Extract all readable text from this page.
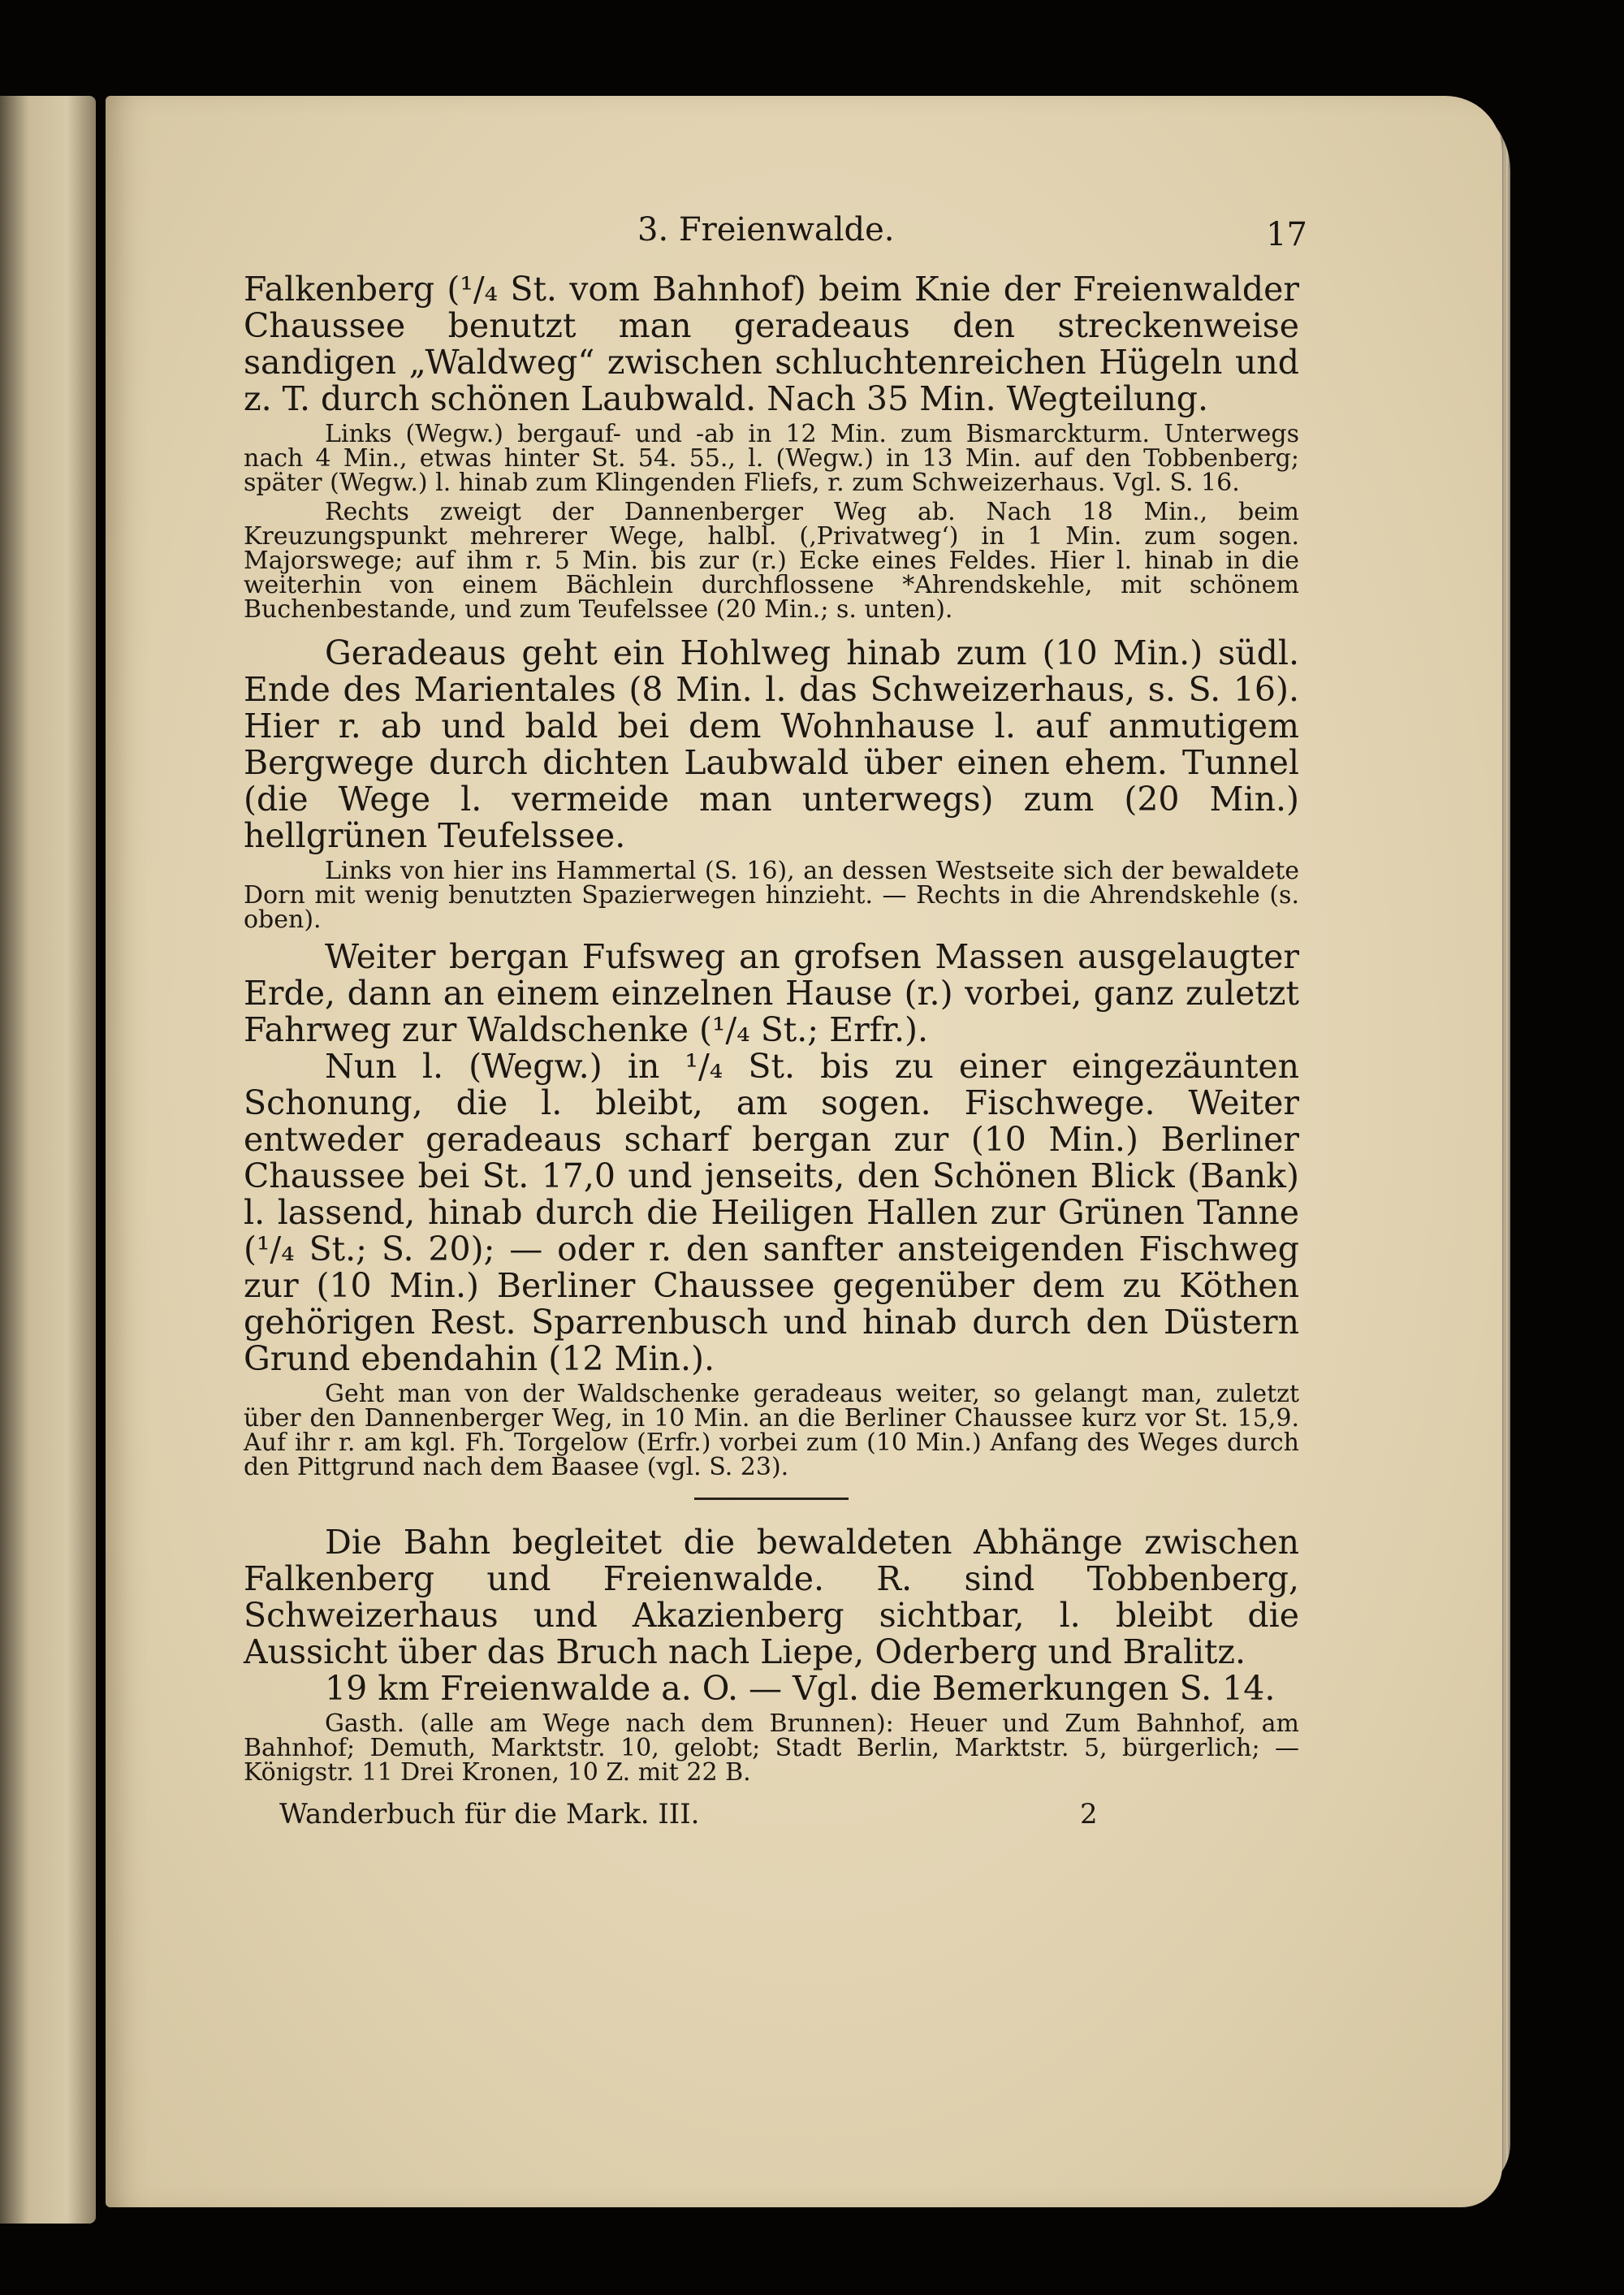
3. Freienwalde.	17

Falkenberg (¹/₄ St. vom Bahnhof) beim Knie der Freienwalder Chaussee benutzt man geradeaus den streckenweise sandigen „Waldweg“ zwischen schluchtenreichen Hügeln und z. T. durch schönen Laubwald. Nach 35 Min. Wegteilung.

Links (Wegw.) bergauf- und -ab in 12 Min. zum Bismarckturm. Unterwegs nach 4 Min., etwas hinter St. 54. 55., l. (Wegw.) in 13 Min. auf den Tobbenberg; später (Wegw.) l. hinab zum Klingenden Fliefs, r. zum Schweizerhaus. Vgl. S. 16.

Rechts zweigt der Dannenberger Weg ab. Nach 18 Min., beim Kreuzungspunkt mehrerer Wege, halbl. (‚Privatweg‘) in 1 Min. zum sogen. Majorswege; auf ihm r. 5 Min. bis zur (r.) Ecke eines Feldes. Hier l. hinab in die weiterhin von einem Bächlein durchflossene *Ahrendskehle, mit schönem Buchenbestande, und zum Teufelssee (20 Min.; s. unten).

Geradeaus geht ein Hohlweg hinab zum (10 Min.) südl. Ende des Marientales (8 Min. l. das Schweizerhaus, s. S. 16). Hier r. ab und bald bei dem Wohnhause l. auf anmutigem Bergwege durch dichten Laubwald über einen ehem. Tunnel (die Wege l. vermeide man unterwegs) zum (20 Min.) hellgrünen Teufelssee.

Links von hier ins Hammertal (S. 16), an dessen Westseite sich der bewaldete Dorn mit wenig benutzten Spazierwegen hinzieht. — Rechts in die Ahrendskehle (s. oben).

Weiter bergan Fufsweg an grofsen Massen ausgelaugter Erde, dann an einem einzelnen Hause (r.) vorbei, ganz zuletzt Fahrweg zur Waldschenke (¹/₄ St.; Erfr.).

Nun l. (Wegw.) in ¹/₄ St. bis zu einer eingezäunten Schonung, die l. bleibt, am sogen. Fischwege. Weiter entweder geradeaus scharf bergan zur (10 Min.) Berliner Chaussee bei St. 17,0 und jenseits, den Schönen Blick (Bank) l. lassend, hinab durch die Heiligen Hallen zur Grünen Tanne (¹/₄ St.; S. 20); — oder r. den sanfter ansteigenden Fischweg zur (10 Min.) Berliner Chaussee gegenüber dem zu Köthen gehörigen Rest. Sparrenbusch und hinab durch den Düstern Grund ebendahin (12 Min.).

Geht man von der Waldschenke geradeaus weiter, so gelangt man, zuletzt über den Dannenberger Weg, in 10 Min. an die Berliner Chaussee kurz vor St. 15,9. Auf ihr r. am kgl. Fh. Torgelow (Erfr.) vorbei zum (10 Min.) Anfang des Weges durch den Pittgrund nach dem Baasee (vgl. S. 23).

Die Bahn begleitet die bewaldeten Abhänge zwischen Falkenberg und Freienwalde. R. sind Tobbenberg, Schweizerhaus und Akazienberg sichtbar, l. bleibt die Aussicht über das Bruch nach Liepe, Oderberg und Bralitz.

19 km Freienwalde a. O. — Vgl. die Bemerkungen S. 14.

Gasth. (alle am Wege nach dem Brunnen): Heuer und Zum Bahnhof, am Bahnhof; Demuth, Marktstr. 10, gelobt; Stadt Berlin, Marktstr. 5, bürgerlich; — Königstr. 11 Drei Kronen, 10 Z. mit 22 B.

Wanderbuch für die Mark. III.	2
